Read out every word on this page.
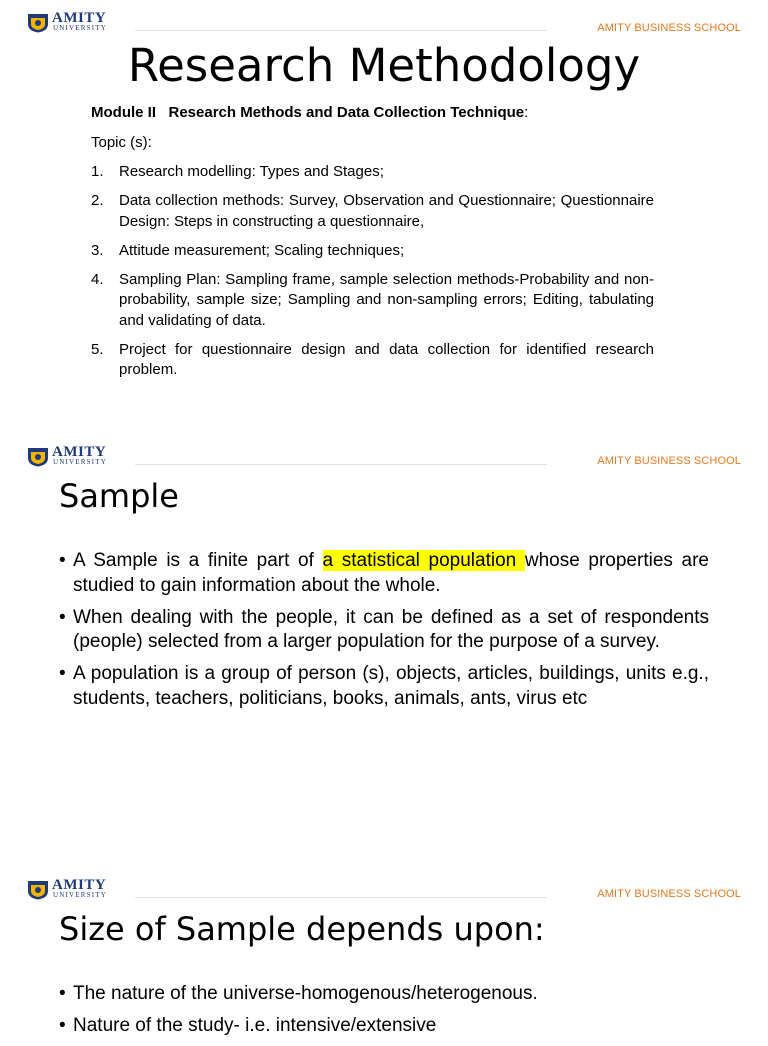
AMITY
UNIVERSITY	AMITY BUSINESS SCHOOL
Research Methodology
Module II   Research Methods and Data Collection Technique:
Topic (s):
1. Research modelling: Types and Stages;
2. Data collection methods: Survey, Observation and Questionnaire; Questionnaire Design: Steps in constructing a questionnaire,
3. Attitude measurement; Scaling techniques;
4. Sampling Plan: Sampling frame, sample selection methods-Probability and non- probability, sample size; Sampling and non-sampling errors; Editing, tabulating and validating of data.
5. Project for questionnaire design and data collection for identified research problem.
AMITY
UNIVERSITY	AMITY BUSINESS SCHOOL
Sample
• A Sample is a finite part of a statistical population whose properties are studied to gain information about the whole.
• When dealing with the people, it can be defined as a set of respondents (people) selected from a larger population for the purpose of a survey.
• A population is a group of person (s), objects, articles, buildings, units e.g., students, teachers, politicians, books, animals, ants, virus etc
AMITY
UNIVERSITY	AMITY BUSINESS SCHOOL
Size of Sample depends upon:
• The nature of the universe-homogenous/heterogenous.
• Nature of the study- i.e. intensive/extensive
